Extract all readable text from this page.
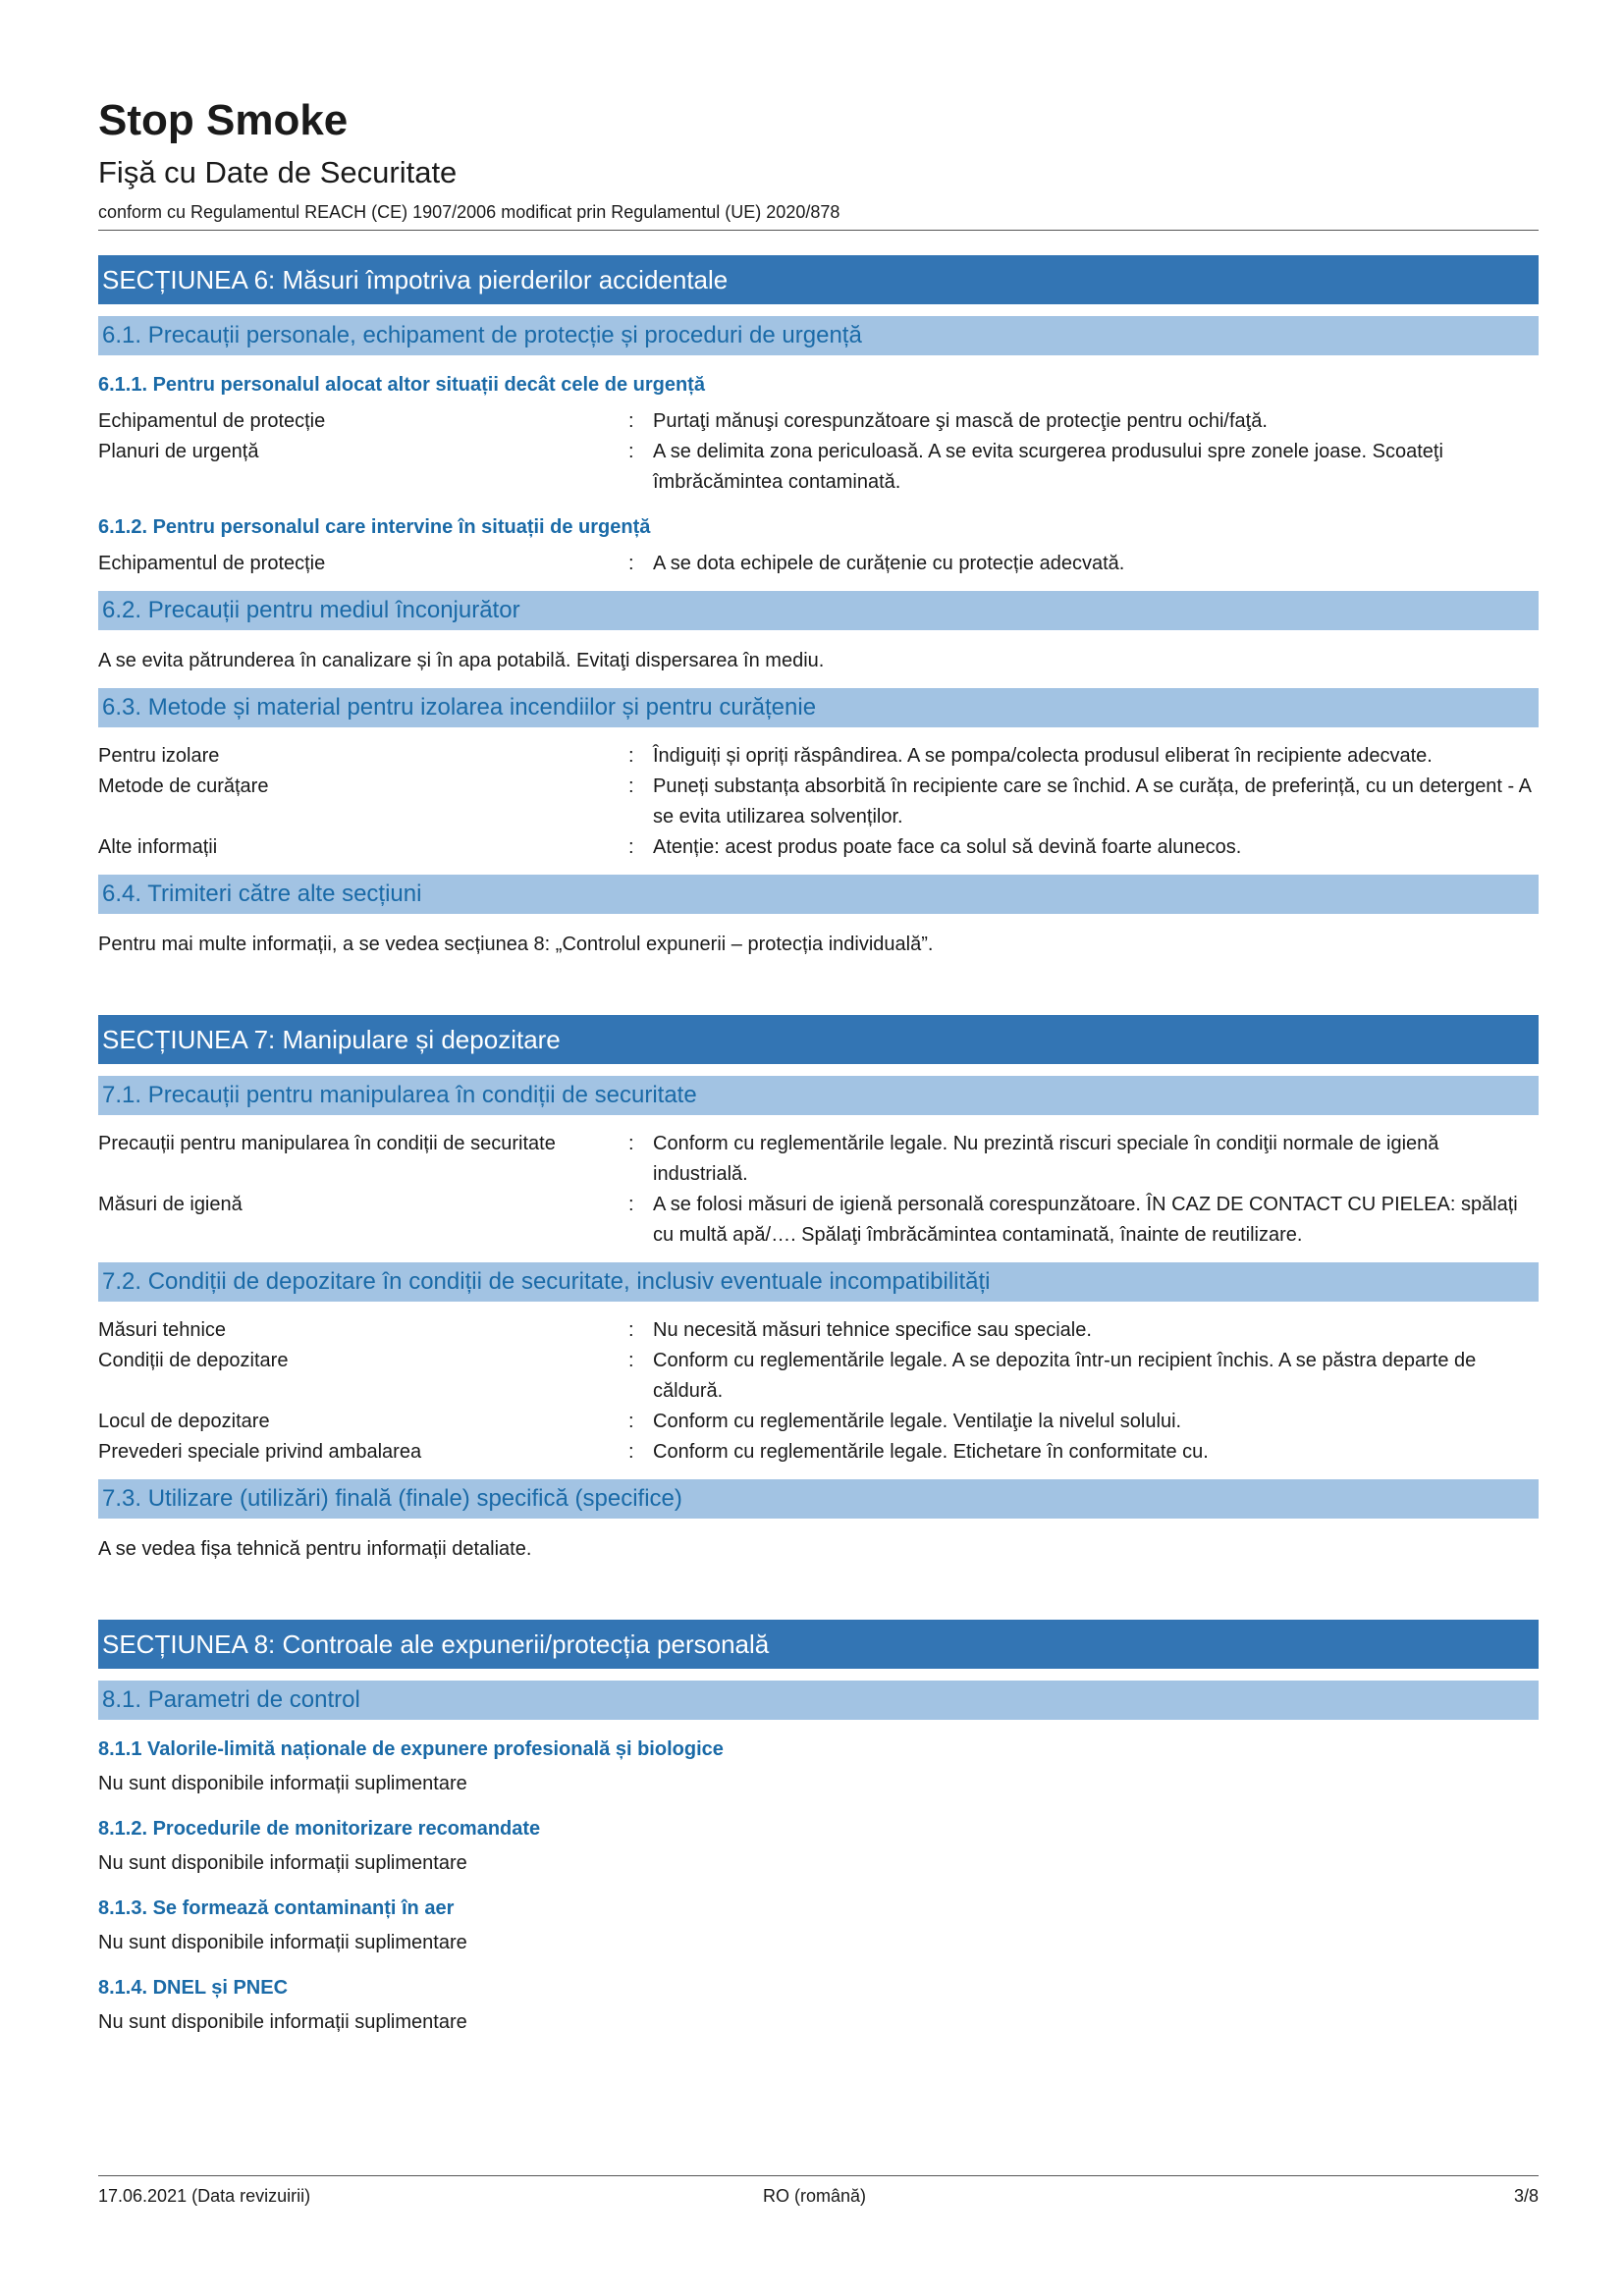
Stop Smoke
Fişă cu Date de Securitate
conform cu Regulamentul REACH (CE) 1907/2006 modificat prin Regulamentul (UE) 2020/878
SECȚIUNEA 6: Măsuri împotriva pierderilor accidentale
6.1. Precauții personale, echipament de protecție și proceduri de urgență
6.1.1. Pentru personalul alocat altor situații decât cele de urgență
Echipamentul de protecție	: Purtaţi mănuşi corespunzătoare şi mască de protecţie pentru ochi/faţă.
Planuri de urgență	: A se delimita zona periculoasă. A se evita scurgerea produsului spre zonele joase. Scoateţi îmbrăcămintea contaminată.
6.1.2. Pentru personalul care intervine în situații de urgență
Echipamentul de protecție	: A se dota echipele de curățenie cu protecție adecvată.
6.2. Precauții pentru mediul înconjurător
A se evita pătrunderea în canalizare și în apa potabilă. Evitaţi dispersarea în mediu.
6.3. Metode și material pentru izolarea incendiilor și pentru curățenie
Pentru izolare	: Îndiguiți și opriți răspândirea. A se pompa/colecta produsul eliberat în recipiente adecvate.
Metode de curățare	: Puneți substanța absorbită în recipiente care se închid. A se curăța, de preferință, cu un detergent - A se evita utilizarea solvenților.
Alte informații	: Atenție: acest produs poate face ca solul să devină foarte alunecos.
6.4. Trimiteri către alte secțiuni
Pentru mai multe informații, a se vedea secțiunea 8: „Controlul expunerii – protecția individuală”.
SECȚIUNEA 7: Manipulare și depozitare
7.1. Precauții pentru manipularea în condiții de securitate
Precauții pentru manipularea în condiții de securitate	: Conform cu reglementările legale. Nu prezintă riscuri speciale în condiţii normale de igienă industrială.
Măsuri de igienă	: A se folosi măsuri de igienă personală corespunzătoare. ÎN CAZ DE CONTACT CU PIELEA: spălați cu multă apă/…. Spălaţi îmbrăcămintea contaminată, înainte de reutilizare.
7.2. Condiții de depozitare în condiții de securitate, inclusiv eventuale incompatibilități
Măsuri tehnice	: Nu necesită măsuri tehnice specifice sau speciale.
Condiții de depozitare	: Conform cu reglementările legale. A se depozita într-un recipient închis. A se păstra departe de căldură.
Locul de depozitare	: Conform cu reglementările legale. Ventilaţie la nivelul solului.
Prevederi speciale privind ambalarea	: Conform cu reglementările legale. Etichetare în conformitate cu.
7.3. Utilizare (utilizări) finală (finale) specifică (specifice)
A se vedea fișa tehnică pentru informații detaliate.
SECȚIUNEA 8: Controale ale expunerii/protecția personală
8.1. Parametri de control
8.1.1 Valorile-limită naționale de expunere profesională și biologice
Nu sunt disponibile informații suplimentare
8.1.2. Procedurile de monitorizare recomandate
Nu sunt disponibile informații suplimentare
8.1.3. Se formează contaminanți în aer
Nu sunt disponibile informații suplimentare
8.1.4. DNEL și PNEC
Nu sunt disponibile informații suplimentare
17.06.2021 (Data revizuirii)	RO (română)	3/8
